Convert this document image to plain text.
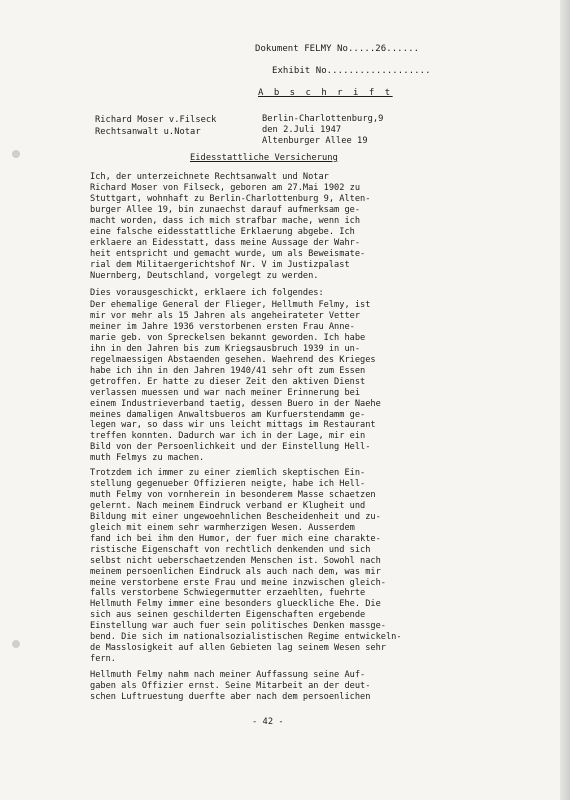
Dokument FELMY No.....26......
Exhibit No...................
A b s c h r i f t
Richard Moser v.Filseck
Rechtsanwalt u.Notar
Berlin-Charlottenburg,9
den 2.Juli 1947
Altenburger Allee 19
Eidesstattliche Versicherung
Ich, der unterzeichnete Rechtsanwalt und Notar
Richard Moser von Filseck, geboren am 27.Mai 1902 zu
Stuttgart, wohnhaft zu Berlin-Charlottenburg 9, Alten-
burger Allee 19, bin zunaechst darauf aufmerksam ge-
macht worden, dass ich mich strafbar mache, wenn ich
eine falsche eidesstattliche Erklaerung abgebe. Ich
erklaere an Eidesstatt, dass meine Aussage der Wahr-
heit entspricht und gemacht wurde, um als Beweismate-
rial dem Militaergerichtshof Nr. V im Justizpalast
Nuernberg, Deutschland, vorgelegt zu werden.
Dies vorausgeschickt, erklaere ich folgendes:
Der ehemalige General der Flieger, Hellmuth Felmy, ist
mir vor mehr als 15 Jahren als angeheirateter Vetter
meiner im Jahre 1936 verstorbenen ersten Frau Anne-
marie geb. von Spreckelsen bekannt geworden. Ich habe
ihn in den Jahren bis zum Kriegsausbruch 1939 in un-
regelmaessigen Abstaenden gesehen. Waehrend des Krieges
habe ich ihn in den Jahren 1940/41 sehr oft zum Essen
getroffen. Er hatte zu dieser Zeit den aktiven Dienst
verlassen muessen und war nach meiner Erinnerung bei
einem Industrieverband taetig, dessen Buero in der Naehe
meines damaligen Anwaltsbueros am Kurfuerstendamm ge-
legen war, so dass wir uns leicht mittags im Restaurant
treffen konnten. Dadurch war ich in der Lage, mir ein
Bild von der Persoenlichkeit und der Einstellung Hell-
muth Felmys zu machen.
Trotzdem ich immer zu einer ziemlich skeptischen Ein-
stellung gegenueber Offizieren neigte, habe ich Hell-
muth Felmy von vornherein in besonderem Masse schaetzen
gelernt. Nach meinem Eindruck verband er Klugheit und
Bildung mit einer ungewoehnlichen Bescheidenheit und zu-
gleich mit einem sehr warmherzigen Wesen. Ausserdem
fand ich bei ihm den Humor, der fuer mich eine charakte-
ristische Eigenschaft von rechtlich denkenden und sich
selbst nicht ueberschaetzenden Menschen ist. Sowohl nach
meinem persoenlichen Eindruck als auch nach dem, was mir
meine verstorbene erste Frau und meine inzwischen gleich-
falls verstorbene Schwiegermutter erzaehlten, fuehrte
Hellmuth Felmy immer eine besonders glueckliche Ehe. Die
sich aus seinen geschilderten Eigenschaften ergebende
Einstellung war auch fuer sein politisches Denken massge-
bend. Die sich im nationalsozialistischen Regime entwickeln-
de Masslosigkeit auf allen Gebieten lag seinem Wesen sehr
fern.
Hellmuth Felmy nahm nach meiner Auffassung seine Auf-
gaben als Offizier ernst. Seine Mitarbeit an der deut-
schen Luftruestung duerfte aber nach dem persoenlichen
- 42 -
